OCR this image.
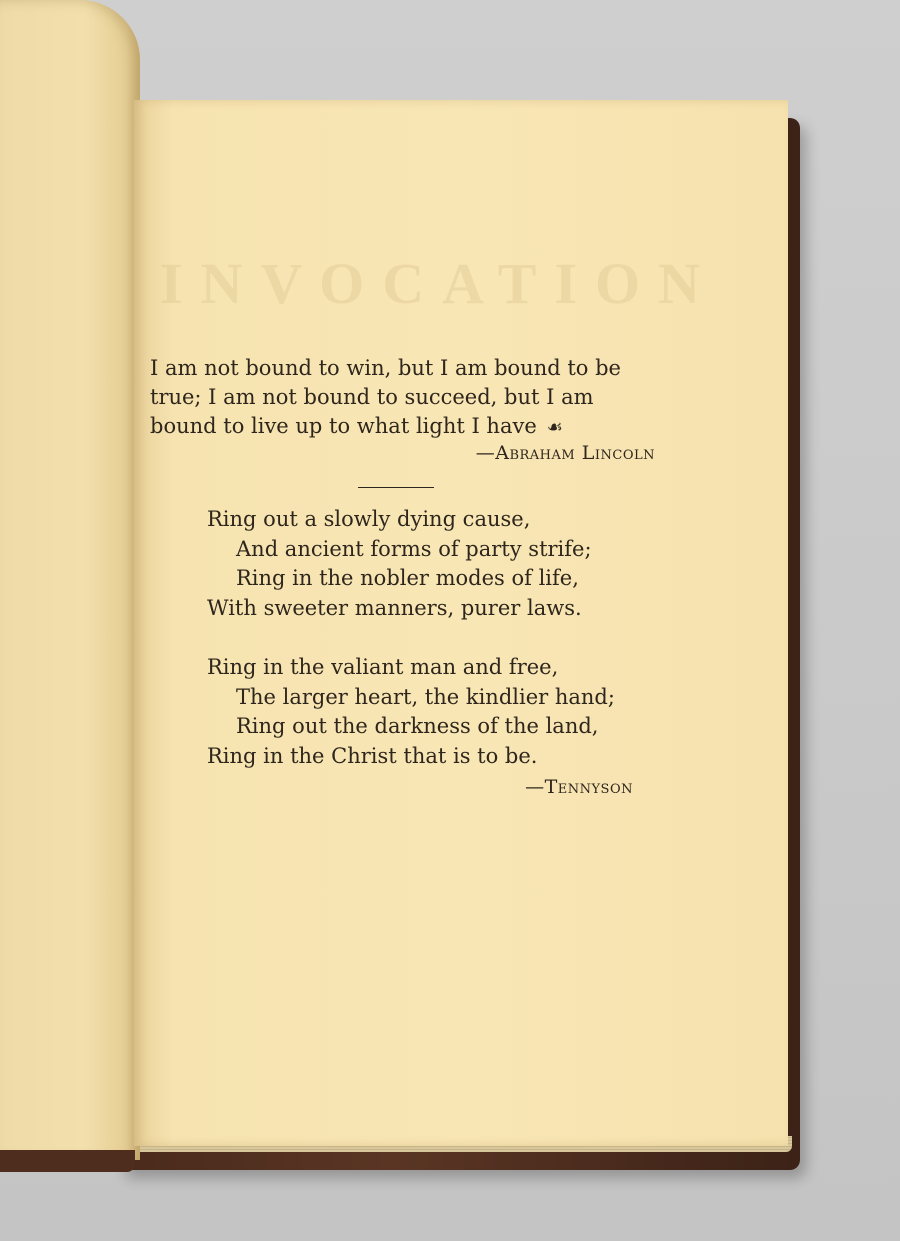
INVOCATION
I am not bound to win, but I am bound to be
true; I am not bound to succeed, but I am
bound to live up to what light I have ☙
—Abraham Lincoln
Ring out a slowly dying cause,
And ancient forms of party strife;
Ring in the nobler modes of life,
With sweeter manners, purer laws.
Ring in the valiant man and free,
The larger heart, the kindlier hand;
Ring out the darkness of the land,
Ring in the Christ that is to be.
—Tennyson
